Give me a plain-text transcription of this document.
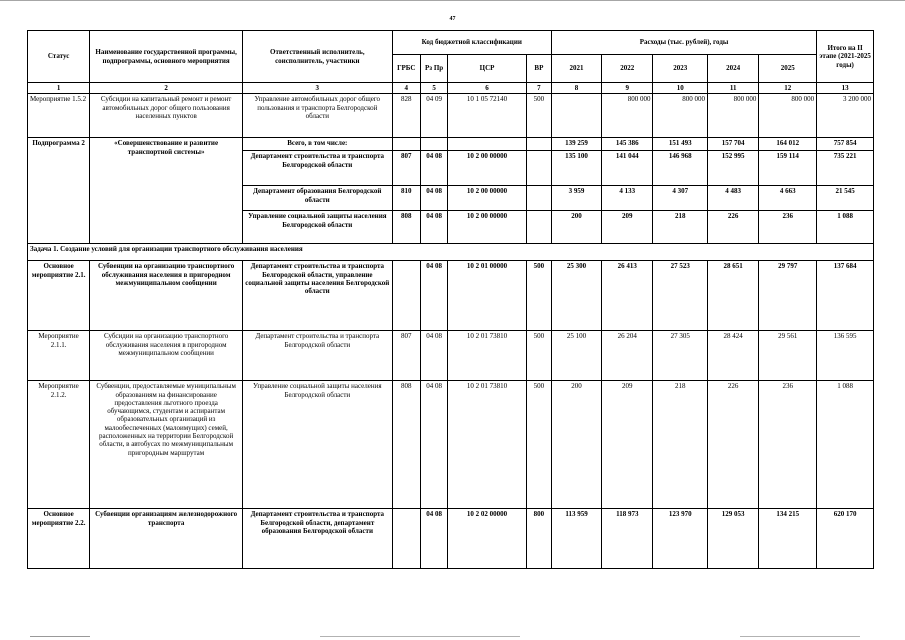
47
Статус	Наименование государственной программы, подпрограммы, основного мероприятия	Ответственный исполнитель, соисполнитель, участники	Код бюджетной классификации				Расходы (тыс. рублей), годы					Итого на II этапе (2021-2025 годы)
			ГРБС	Рз Пр	ЦСР	ВР	2021	2022	2023	2024	2025	
1	2	3	4	5	6	7	8	9	10	11	12	13
Мероприятие 1.5.2	Субсидии на капитальный ремонт и ремонт автомобильных дорог общего пользования населенных пунктов	Управление автомобильных дорог общего пользования и транспорта Белгородской области	828	04 09	10 1 05 72140	500		800 000	800 000	800 000	800 000	3 200 000
Подпрограмма 2	«Совершенствование и развитие транспортной системы»	Всего, в том числе:					139 259	145 386	151 493	157 704	164 012	757 854
		Департамент строительства и транспорта Белгородской области	807	04 08	10 2 00 00000		135 100	141 044	146 968	152 995	159 114	735 221
		Департамент образования Белгородской области	810	04 08	10 2 00 00000		3 959	4 133	4 307	4 483	4 663	21 545
		Управление социальной защиты населения Белгородской области	808	04 08	10 2 00 00000		200	209	218	226	236	1 088
Задача 1. Создание условий для организации транспортного обслуживания населения												
Основное мероприятие 2.1.	Субвенции на организацию транспортного обслуживания населения в пригородном межмуниципальном сообщении	Департамент строительства и транспорта Белгородской области, управление социальной защиты населения Белгородской области		04 08	10 2 01 00000	500	25 300	26 413	27 523	28 651	29 797	137 684
Мероприятие 2.1.1.	Субсидии на организацию транспортного обслуживания населения в пригородном межмуниципальном сообщении	Департамент строительства и транспорта Белгородской области	807	04 08	10 2 01 73810	500	25 100	26 204	27 305	28 424	29 561	136 595
Мероприятие 2.1.2.	Субвенции, предоставляемые муниципальным образованиям на финансирование предоставления льготного проезда обучающимся, студентам и аспирантам образовательных организаций из малообеспеченных (малоимущих) семей, расположенных на территории Белгородской области, в автобусах по межмуниципальным пригородным маршрутам	Управление социальной защиты населения Белгородской области	808	04 08	10 2 01 73810	500	200	209	218	226	236	1 088
Основное мероприятие 2.2.	Субвенции организациям железнодорожного транспорта	Департамент строительства и транспорта Белгородской области, департамент образования Белгородской области		04 08	10 2 02 00000	800	113 959	118 973	123 970	129 053	134 215	620 170
